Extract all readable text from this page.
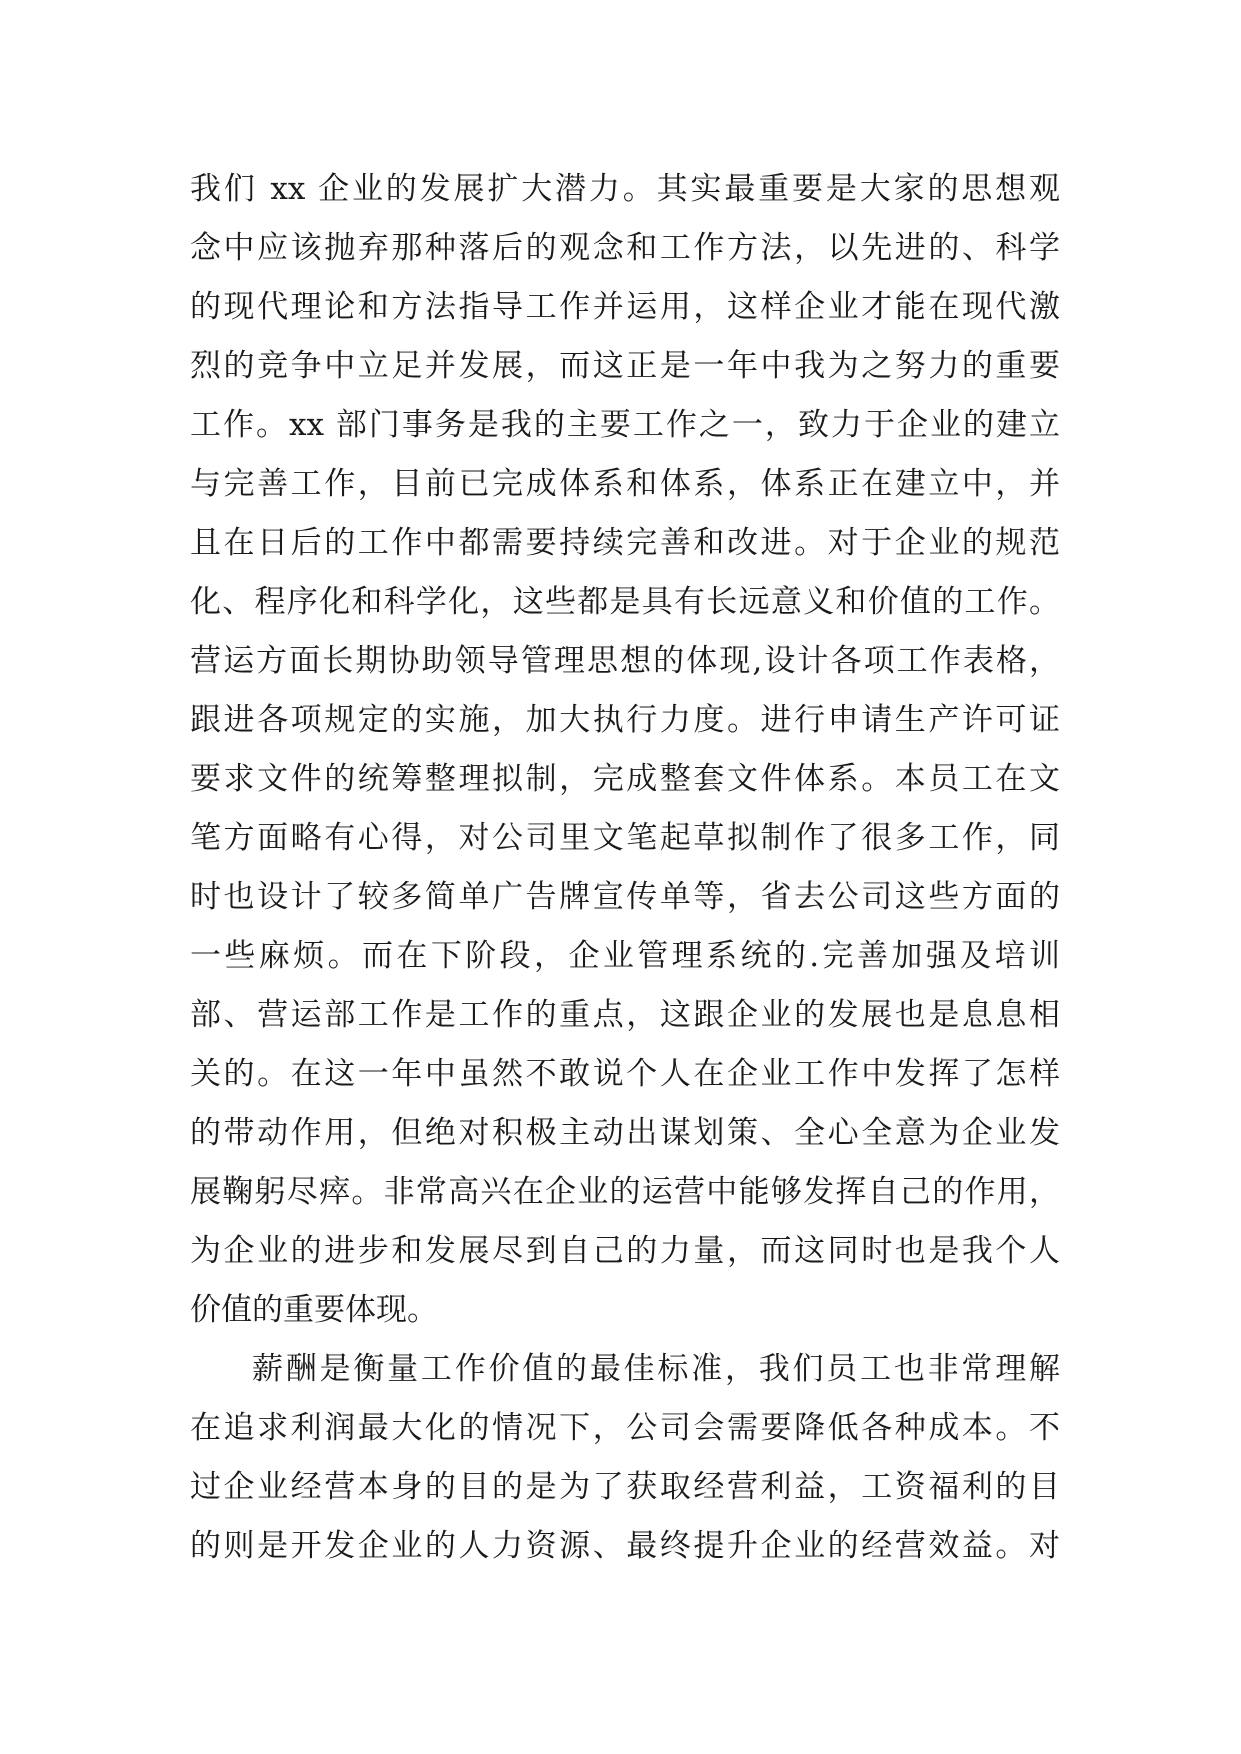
我们 xx 企业的发展扩大潜力。其实最重要是大家的思想观
念中应该抛弃那种落后的观念和工作方法，以先进的、科学
的现代理论和方法指导工作并运用，这样企业才能在现代激
烈的竞争中立足并发展，而这正是一年中我为之努力的重要
工作。xx 部门事务是我的主要工作之一，致力于企业的建立
与完善工作，目前已完成体系和体系，体系正在建立中，并
且在日后的工作中都需要持续完善和改进。对于企业的规范
化、程序化和科学化，这些都是具有长远意义和价值的工作。
营运方面长期协助领导管理思想的体现,设计各项工作表格，
跟进各项规定的实施，加大执行力度。进行申请生产许可证
要求文件的统筹整理拟制，完成整套文件体系。本员工在文
笔方面略有心得，对公司里文笔起草拟制作了很多工作，同
时也设计了较多简单广告牌宣传单等，省去公司这些方面的
一些麻烦。而在下阶段，企业管理系统的.完善加强及培训
部、营运部工作是工作的重点，这跟企业的发展也是息息相
关的。在这一年中虽然不敢说个人在企业工作中发挥了怎样
的带动作用，但绝对积极主动出谋划策、全心全意为企业发
展鞠躬尽瘁。非常高兴在企业的运营中能够发挥自己的作用，
为企业的进步和发展尽到自己的力量，而这同时也是我个人
价值的重要体现。

薪酬是衡量工作价值的最佳标准，我们员工也非常理解
在追求利润最大化的情况下，公司会需要降低各种成本。不
过企业经营本身的目的是为了获取经营利益，工资福利的目
的则是开发企业的人力资源、最终提升企业的经营效益。对
